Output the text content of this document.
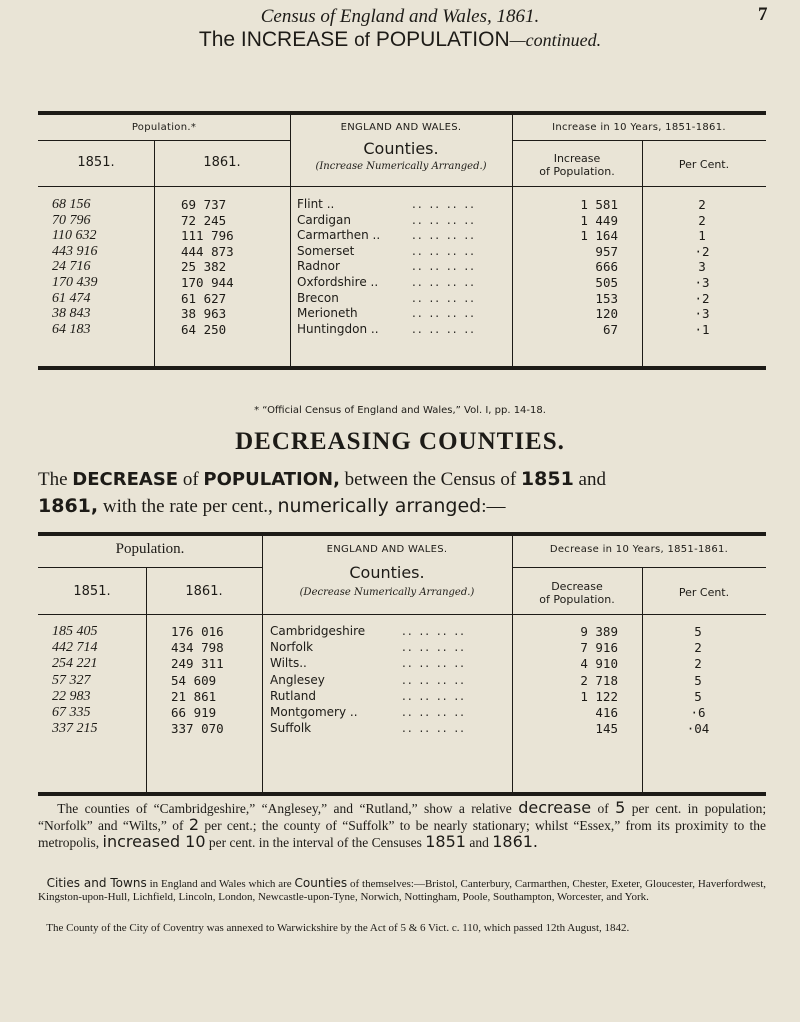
Census of England and Wales, 1861.	7
The INCREASE of POPULATION—continued.
Population.*
1851.	1861.
ENGLAND AND WALES.
Counties.
(Increase Numerically Arranged.)
Increase in 10 Years, 1851-1861.
Increase
of Population.
Per Cent.
68 156	69 737	Flint ..	.. .. .. ..	1 581	2
70 796	72 245	Cardigan	.. .. .. ..	1 449	2
110 632	111 796	Carmarthen ..	.. .. .. ..	1 164	1
443 916	444 873	Somerset	.. .. .. ..	957	·2
24 716	25 382	Radnor	.. .. .. ..	666	3
170 439	170 944	Oxfordshire ..	.. .. .. ..	505	·3
61 474	61 627	Brecon	.. .. .. ..	153	·2
38 843	38 963	Merioneth	.. .. .. ..	120	·3
64 183	64 250	Huntingdon ..	.. .. .. ..	67	·1
* “Official Census of England and Wales,” Vol. I, pp. 14-18.
DECREASING COUNTIES.
The DECREASE of POPULATION, between the Census of 1851 and
1861, with the rate per cent., numerically arranged:—
Population.
1851.	1861.
ENGLAND AND WALES.
Counties.
(Decrease Numerically Arranged.)
Decrease in 10 Years, 1851-1861.
Decrease
of Population.
Per Cent.
185 405	176 016	Cambridgeshire	.. .. .. ..	9 389	5
442 714	434 798	Norfolk	.. .. .. ..	7 916	2
254 221	249 311	Wilts..	.. .. .. ..	4 910	2
57 327	54 609	Anglesey	.. .. .. ..	2 718	5
22 983	21 861	Rutland	.. .. .. ..	1 122	5
67 335	66 919	Montgomery ..	.. .. .. ..	416	·6
337 215	337 070	Suffolk	.. .. .. ..	145	·04
The counties of “Cambridgeshire,” “Anglesey,” and “Rutland,” show a relative decrease of 5 per cent. in population; “Norfolk” and “Wilts,” of 2 per cent.; the county of “Suffolk” to be nearly stationary; whilst “Essex,” from its proximity to the metropolis, increased 10 per cent. in the interval of the Censuses 1851 and 1861.
Cities and Towns in England and Wales which are Counties of themselves:—Bristol, Canterbury, Carmarthen, Chester, Exeter, Gloucester, Haverfordwest, Kingston-upon-Hull, Lichfield, Lincoln, London, Newcastle-upon-Tyne, Norwich, Nottingham, Poole, Southampton, Worcester, and York.
The County of the City of Coventry was annexed to Warwickshire by the Act of 5 & 6 Vict. c. 110, which passed 12th August, 1842.
